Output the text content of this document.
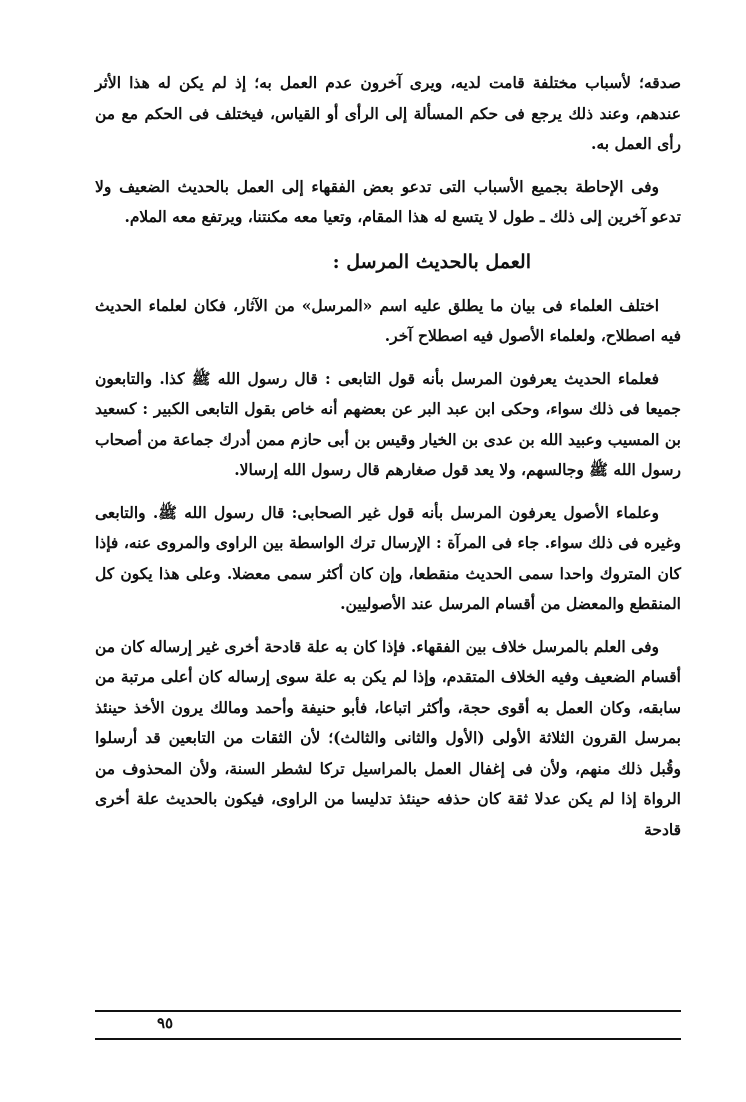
صدقه؛ لأسباب مختلفة قامت لديه، ويرى آخرون عدم العمل به؛ إذ لم يكن له هذا الأثر عندهم، وعند ذلك يرجع فى حكم المسألة إلى الرأى أو القياس، فيختلف فى الحكم مع من رأى العمل به.

وفى الإحاطة بجميع الأسباب التى تدعو بعض الفقهاء إلى العمل بالحديث الضعيف ولا تدعو آخرين إلى ذلك ـ طول لا يتسع له هذا المقام، وتعيا معه مكنتنا، ويرتفع معه الملام.

العمل بالحديث المرسل :

اختلف العلماء فى بيان ما يطلق عليه اسم «المرسل» من الآثار، فكان لعلماء الحديث فيه اصطلاح، ولعلماء الأصول فيه اصطلاح آخر.

فعلماء الحديث يعرفون المرسل بأنه قول التابعى : قال رسول الله ﷺ كذا. والتابعون جميعا فى ذلك سواء، وحكى ابن عبد البر عن بعضهم أنه خاص بقول التابعى الكبير : كسعيد بن المسيب وعبيد الله بن عدى بن الخيار وقيس بن أبى حازم ممن أدرك جماعة من أصحاب رسول الله ﷺ وجالسهم، ولا يعد قول صغارهم قال رسول الله إرسالا.

وعلماء الأصول يعرفون المرسل بأنه قول غير الصحابى: قال رسول الله ﷺ. والتابعى وغيره فى ذلك سواء. جاء فى المرآة : الإرسال ترك الواسطة بين الراوى والمروى عنه، فإذا كان المتروك واحدا سمى الحديث منقطعا، وإن كان أكثر سمى معضلا. وعلى هذا يكون كل المنقطع والمعضل من أقسام المرسل عند الأصوليين.

وفى العلم بالمرسل خلاف بين الفقهاء. فإذا كان به علة قادحة أخرى غير إرساله كان من أقسام الضعيف وفيه الخلاف المتقدم، وإذا لم يكن به علة سوى إرساله كان أعلى مرتبة من سابقه، وكان العمل به أقوى حجة، وأكثر اتباعا، فأبو حنيفة وأحمد ومالك يرون الأخذ حينئذ بمرسل القرون الثلاثة الأولى (الأول والثانى والثالث)؛ لأن الثقات من التابعين قد أرسلوا وقُبل ذلك منهم، ولأن فى إغفال العمل بالمراسيل تركا لشطر السنة، ولأن المحذوف من الرواة إذا لم يكن عدلا ثقة كان حذفه حينئذ تدليسا من الراوى، فيكون بالحديث علة أخرى قادحة

٩٥
